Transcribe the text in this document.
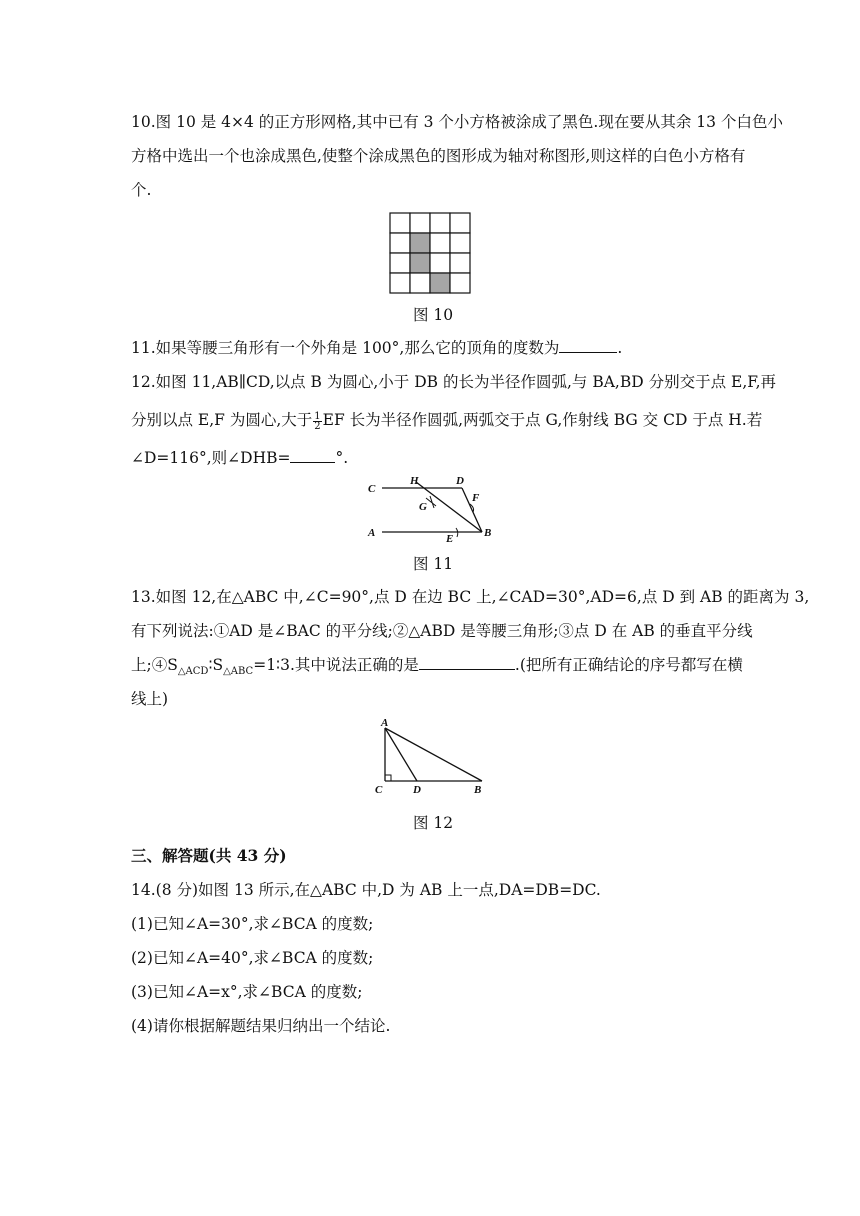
10.图 10 是 4×4 的正方形网格,其中已有 3 个小方格被涂成了黑色.现在要从其余 13 个白色小
方格中选出一个也涂成黑色,使整个涂成黑色的图形成为轴对称图形,则这样的白色小方格有
个.
图 10
11.如果等腰三角形有一个外角是 100°,那么它的顶角的度数为	.
12.如图 11,AB∥CD,以点 B 为圆心,小于 DB 的长为半径作圆弧,与 BA,BD 分别交于点 E,F,再
分别以点 E,F 为圆心,大于 $\frac{1}{2}$ EF 长为半径作圆弧,两弧交于点 G,作射线 BG 交 CD 于点 H.若
∠D=116°,则∠DHB=	°.
C
H	D
F
G
A	E	B
图 11
13.如图 12,在△ABC 中,∠C=90°,点 D 在边 BC 上,∠CAD=30°,AD=6,点 D 到 AB 的距离为 3,
有下列说法:①AD 是∠BAC 的平分线;②△ABD 是等腰三角形;③点 D 在 AB 的垂直平分线
上$;④S_{\triangle ACD}∶S_{\triangle ABC}=1∶3$.其中说法正确的是	.(把所有正确结论的序号都写在横
线上)
A
C	D	B
图 12
三、解答题(共 43 分)
14.(8 分)如图 13 所示,在△ABC 中,D 为 AB 上一点,DA=DB=DC.
(1)已知∠A=30°,求∠BCA 的度数;
(2)已知∠A=40°,求∠BCA 的度数;
(3)已知∠A=x°,求∠BCA 的度数;
(4)请你根据解题结果归纳出一个结论.
